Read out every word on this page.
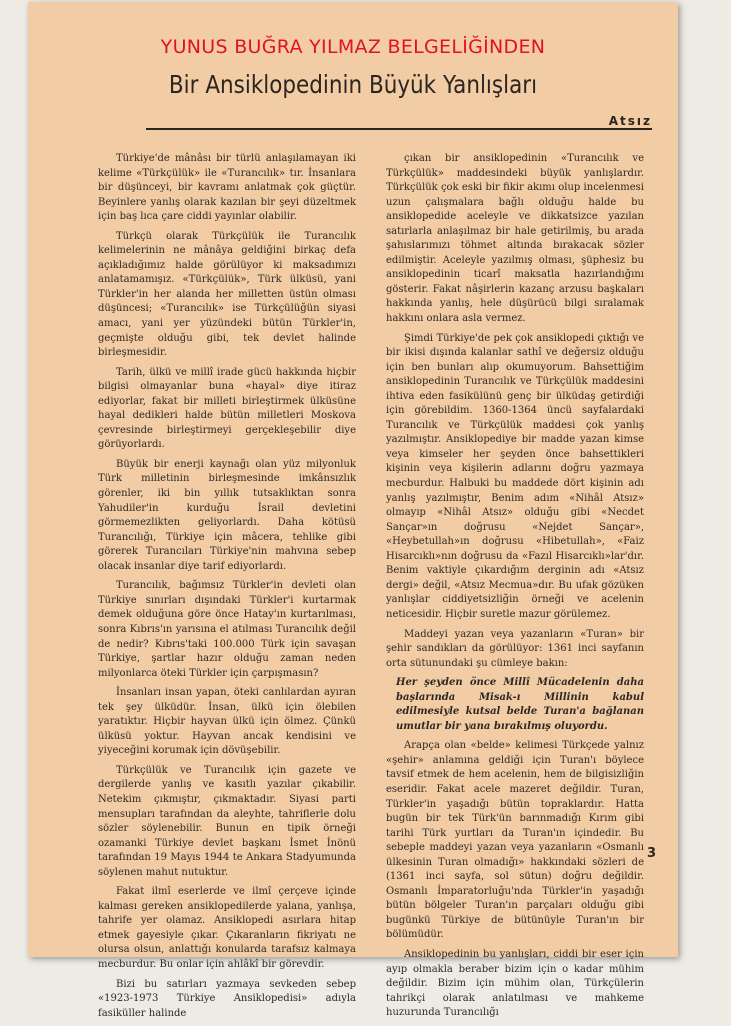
YUNUS BUĞRA YILMAZ BELGELİĞİNDEN
Bir Ansiklopedinin Büyük Yanlışları
Atsız

Türkiye'de mânâsı bir türlü anlaşılamayan iki kelime «Türkçülük» ile «Turancılık» tır. İnsanlara bir düşünceyi, bir kavramı anlatmak çok güçtür. Beyinlere yanlış olarak kazılan bir şeyi düzeltmek için baş lıca çare ciddi yayınlar olabilir.

Türkçü olarak Türkçülük ile Turancılık kelimelerinin ne mânâya geldiğini birkaç defa açıkladığımız halde görülüyor ki maksadımızı anlatamamışız. «Türkçülük», Türk ülküsü, yani Türkler'in her alanda her milletten üstün olması düşüncesi; «Turancılık» ise Türkçülüğün siyasi amacı, yani yer yüzündeki bütün Türkler'in, geçmişte olduğu gibi, tek devlet halinde birleşmesidir.

Tarih, ülkü ve millî irade gücü hakkında hiçbir bilgisi olmayanlar buna «hayal» diye itiraz ediyorlar, fakat bir milleti birleştirmek ülküsüne hayal dedikleri halde bütün milletleri Moskova çevresinde birleştirmeyi gerçekleşebilir diye görüyorlardı.

Büyük bir enerji kaynağı olan yüz milyonluk Türk milletinin birleşmesinde imkânsızlık görenler, iki bin yıllık tutsaklıktan sonra Yahudiler'in kurduğu İsrail devletini görmemezlikten geliyorlardı. Daha kötüsü Turancılığı, Türkiye için mâcera, tehlike gibi görerek Turancıları Türkiye'nin mahvına sebep olacak insanlar diye tarif ediyorlardı.

Turancılık, bağımsız Türkler'in devleti olan Türkiye sınırları dışındaki Türkler'i kurtarmak demek olduğuna göre önce Hatay'ın kurtarılması, sonra Kıbrıs'ın yarısına el atılması Turancılık değil de nedir? Kıbrıs'taki 100.000 Türk için savaşan Türkiye, şartlar hazır olduğu zaman neden milyonlarca öteki Türkler için çarpışmasın?

İnsanları insan yapan, öteki canlılardan ayıran tek şey ülküdür. İnsan, ülkü için ölebilen yaratıktır. Hiçbir hayvan ülkü için ölmez. Çünkü ülküsü yoktur. Hayvan ancak kendisini ve yiyeceğini korumak için dövüşebilir.

Türkçülük ve Turancılık için gazete ve dergilerde yanlış ve kasıtlı yazılar çıkabilir. Netekim çıkmıştır, çıkmaktadır. Siyasi parti mensupları tarafından da aleyhte, tahriflerle dolu sözler söylenebilir. Bunun en tipik örneği ozamanki Türkiye devlet başkanı İsmet İnönü tarafından 19 Mayıs 1944 te Ankara Stadyumunda söylenen mahut nutuktur.

Fakat ilmî eserlerde ve ilmî çerçeve içinde kalması gereken ansiklopedilerde yalana, yanlışa, tahrife yer olamaz. Ansiklopedi asırlara hitap etmek gayesiyle çıkar. Çıkaranların fikriyatı ne olursa olsun, anlattığı konularda tarafsız kalmaya mecburdur. Bu onlar için ahlâkî bir görevdir.

Bizi bu satırları yazmaya sevkeden sebep «1923-1973 Türkiye Ansiklopedisi» adıyla fasiküller halinde

çıkan bir ansiklopedinin «Turancılık ve Türkçülük» maddesindeki büyük yanlışlardır. Türkçülük çok eski bir fikir akımı olup incelenmesi uzun çalışmalara bağlı olduğu halde bu ansiklopedide aceleyle ve dikkatsizce yazılan satırlarla anlaşılmaz bir hale getirilmiş, bu arada şahıslarımızı töhmet altında bırakacak sözler edilmiştir. Aceleyle yazılmış olması, şüphesiz bu ansiklopedinin ticarî maksatla hazırlandığını gösterir. Fakat nâşirlerin kazanç arzusu başkaları hakkında yanlış, hele düşürücü bilgi sıralamak hakkını onlara asla vermez.

Şimdi Türkiye'de pek çok ansiklopedi çıktığı ve bir ikisi dışında kalanlar sathî ve değersiz olduğu için ben bunları alıp okumuyorum. Bahsettiğim ansiklopedinin Turancılık ve Türkçülük maddesini ihtiva eden fasikülünü genç bir ülküdaş getirdiği için görebildim. 1360-1364 üncü sayfalardaki Turancılık ve Türkçülük maddesi çok yanlış yazılmıştır. Ansiklopediye bir madde yazan kimse veya kimseler her şeyden önce bahsettikleri kişinin veya kişilerin adlarını doğru yazmaya mecburdur. Halbuki bu maddede dört kişinin adı yanlış yazılmıştır, Benim adım «Nihâl Atsız» olmayıp «Nihâl Atsız» olduğu gibi «Necdet Sançar»ın doğrusu «Nejdet Sançar», «Heybetullah»ın doğrusu «Hibetullah», «Faiz Hisarcıklı»nın doğrusu da «Fazıl Hisarcıklı»lar'dır. Benim vaktiyle çıkardığım derginin adı «Atsız dergi» değil, «Atsız Mecmua»dır. Bu ufak gözüken yanlışlar ciddiyetsizliğin örneği ve acelenin neticesidir. Hiçbir suretle mazur görülemez.

Maddeyi yazan veya yazanların «Turan» bir şehir sandıkları da görülüyor: 1361 inci sayfanın orta sütunundaki şu cümleye bakın:

Her şeyden önce Millî Mücadelenin daha başlarında Misak-ı Millinin kabul edilmesiyle kutsal belde Turan'a bağlanan umutlar bir yana bırakılmış oluyordu.

Arapça olan «belde» kelimesi Türkçede yalnız «şehir» anlamına geldiği için Turan'ı böylece tavsif etmek de hem acelenin, hem de bilgisizliğin eseridir. Fakat acele mazeret değildir. Turan, Türkler'in yaşadığı bütün topraklardır. Hatta bugün bir tek Türk'ün barınmadığı Kırım gibi tarihi Türk yurtları da Turan'ın içindedir. Bu sebeple maddeyi yazan veya yazanların «Osmanlı ülkesinin Turan olmadığı» hakkındaki sözleri de (1361 inci sayfa, sol sütun) doğru değildir. Osmanlı İmparatorluğu'nda Türkler'in yaşadığı bütün bölgeler Turan'ın parçaları olduğu gibi bugünkü Türkiye de bütünüyle Turan'ın bir bölümüdür.

Ansiklopedinin bu yanlışları, ciddi bir eser için ayıp olmakla beraber bizim için o kadar mühim değildir. Bizim için mühim olan, Türkçülerin tahrikçi olarak anlatılması ve mahkeme huzurunda Turancılığı

3
